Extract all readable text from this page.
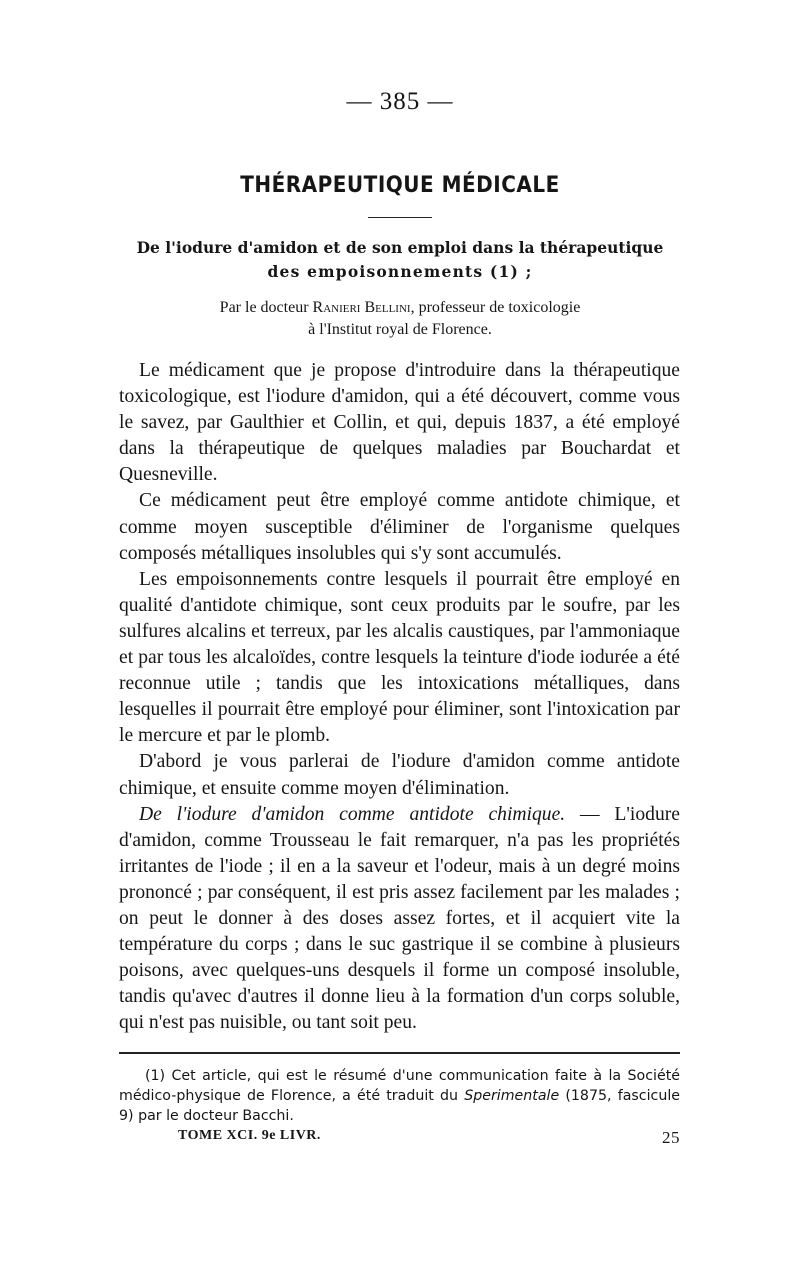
— 385 —
THÉRAPEUTIQUE MÉDICALE
De l'iodure d'amidon et de son emploi dans la thérapeutique
des empoisonnements (1) ;
Par le docteur Ranieri Bellini, professeur de toxicologie
à l'Institut royal de Florence.

Le médicament que je propose d'introduire dans la thérapeutique toxicologique, est l'iodure d'amidon, qui a été découvert, comme vous le savez, par Gaulthier et Collin, et qui, depuis 1837, a été employé dans la thérapeutique de quelques maladies par Bouchardat et Quesneville.

Ce médicament peut être employé comme antidote chimique, et comme moyen susceptible d'éliminer de l'organisme quelques composés métalliques insolubles qui s'y sont accumulés.

Les empoisonnements contre lesquels il pourrait être employé en qualité d'antidote chimique, sont ceux produits par le soufre, par les sulfures alcalins et terreux, par les alcalis caustiques, par l'ammoniaque et par tous les alcaloïdes, contre lesquels la teinture d'iode iodurée a été reconnue utile ; tandis que les intoxications métalliques, dans lesquelles il pourrait être employé pour éliminer, sont l'intoxication par le mercure et par le plomb.

D'abord je vous parlerai de l'iodure d'amidon comme antidote chimique, et ensuite comme moyen d'élimination.

De l'iodure d'amidon comme antidote chimique. — L'iodure d'amidon, comme Trousseau le fait remarquer, n'a pas les propriétés irritantes de l'iode ; il en a la saveur et l'odeur, mais à un degré moins prononcé ; par conséquent, il est pris assez facilement par les malades ; on peut le donner à des doses assez fortes, et il acquiert vite la température du corps ; dans le suc gastrique il se combine à plusieurs poisons, avec quelques-uns desquels il forme un composé insoluble, tandis qu'avec d'autres il donne lieu à la formation d'un corps soluble, qui n'est pas nuisible, ou tant soit peu.

(1) Cet article, qui est le résumé d'une communication faite à la Société médico-physique de Florence, a été traduit du Sperimentale (1875, fascicule 9) par le docteur Bacchi.

TOME XCI. 9e LIVR.	25
